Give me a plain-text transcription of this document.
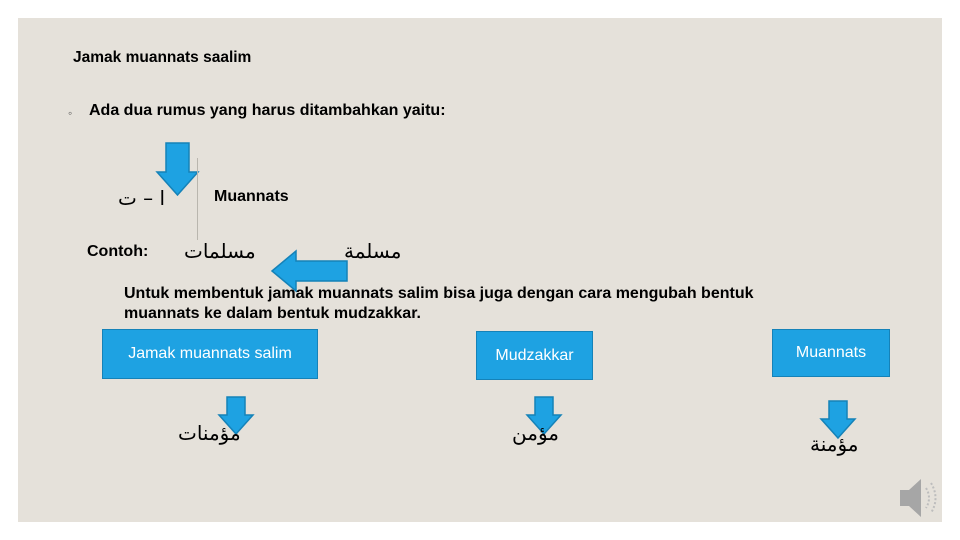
Jamak muannats saalim
◦ Ada dua rumus yang harus ditambahkan yaitu:
ا – ت	Muannats
Contoh: مسلمات	مسلمة
Untuk membentuk jamak muannats salim bisa juga dengan cara mengubah bentuk muannats ke dalam bentuk mudzakkar.
Jamak muannats salim	Mudzakkar	Muannats
مؤمنات	مؤمن	مؤمنة
